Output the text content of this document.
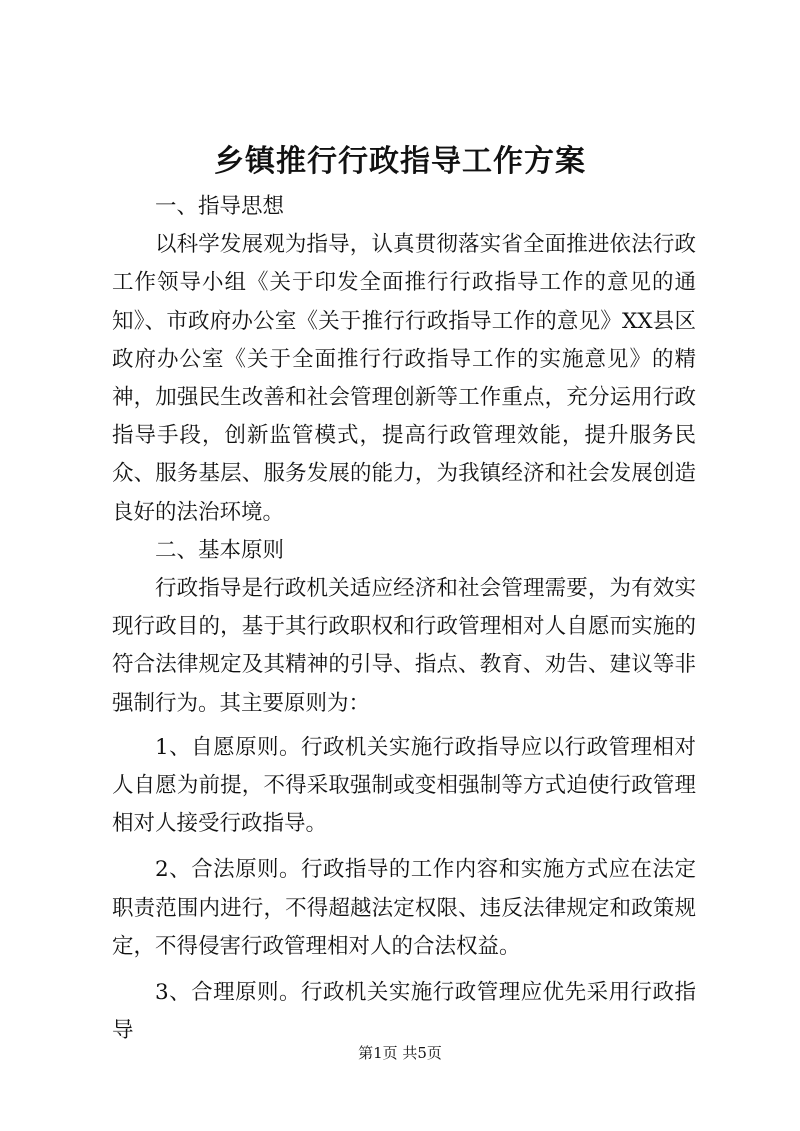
乡镇推行行政指导工作方案

一、指导思想

以科学发展观为指导，认真贯彻落实省全面推进依法行政工作领导小组《关于印发全面推行行政指导工作的意见的通知》、市政府办公室《关于推行行政指导工作的意见》XX县区政府办公室《关于全面推行行政指导工作的实施意见》的精神，加强民生改善和社会管理创新等工作重点，充分运用行政指导手段，创新监管模式，提高行政管理效能，提升服务民众、服务基层、服务发展的能力，为我镇经济和社会发展创造良好的法治环境。

二、基本原则

行政指导是行政机关适应经济和社会管理需要，为有效实现行政目的，基于其行政职权和行政管理相对人自愿而实施的符合法律规定及其精神的引导、指点、教育、劝告、建议等非强制行为。其主要原则为：

1、自愿原则。行政机关实施行政指导应以行政管理相对人自愿为前提，不得采取强制或变相强制等方式迫使行政管理相对人接受行政指导。

2、合法原则。行政指导的工作内容和实施方式应在法定职责范围内进行，不得超越法定权限、违反法律规定和政策规定，不得侵害行政管理相对人的合法权益。

3、合理原则。行政机关实施行政管理应优先采用行政指导

第1页 共5页
